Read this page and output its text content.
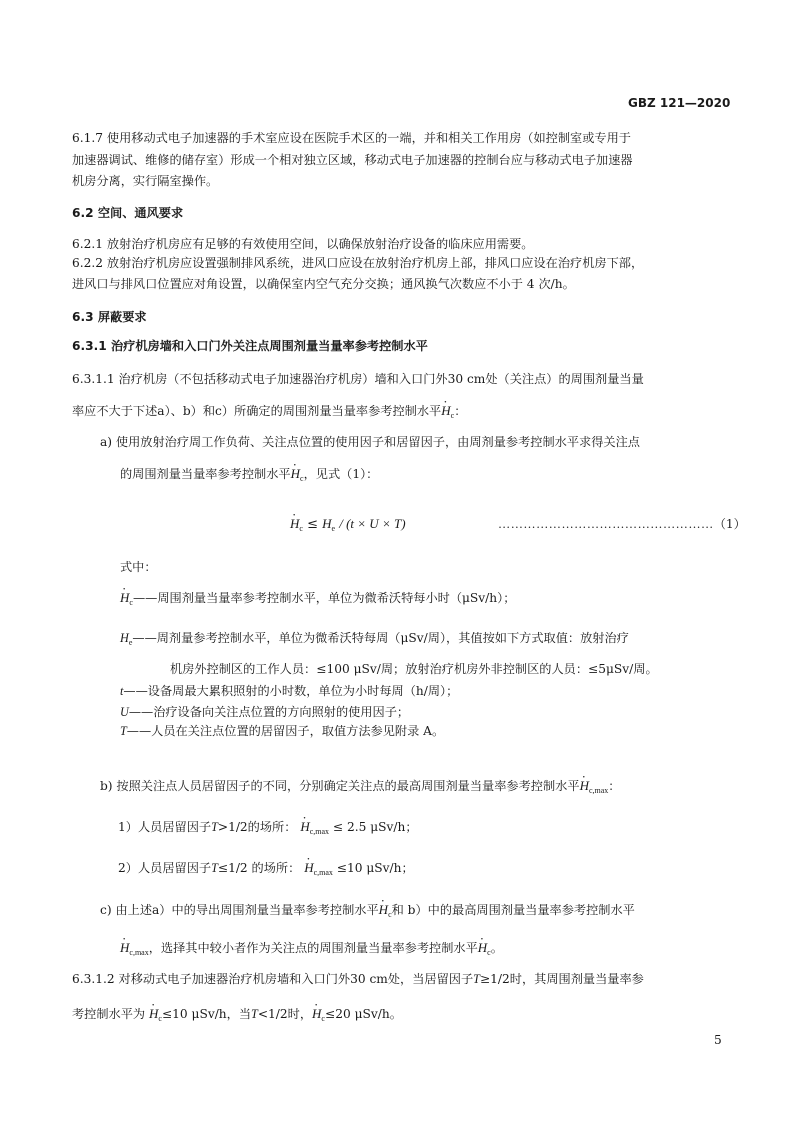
GBZ 121—2020
6.1.7 使用移动式电子加速器的手术室应设在医院手术区的一端，并和相关工作用房（如控制室或专用于
加速器调试、维修的储存室）形成一个相对独立区域，移动式电子加速器的控制台应与移动式电子加速器
机房分离，实行隔室操作。
6.2 空间、通风要求
6.2.1 放射治疗机房应有足够的有效使用空间，以确保放射治疗设备的临床应用需要。
6.2.2 放射治疗机房应设置强制排风系统，进风口应设在放射治疗机房上部，排风口应设在治疗机房下部，
进风口与排风口位置应对角设置，以确保室内空气充分交换；通风换气次数应不小于 4 次/h。
6.3 屏蔽要求
6.3.1 治疗机房墙和入口门外关注点周围剂量当量率参考控制水平
6.3.1.1 治疗机房（不包括移动式电子加速器治疗机房）墙和入口门外30 cm处（关注点）的周围剂量当量
率应不大于下述a）、b）和c）所确定的周围剂量当量率参考控制水平· $H_c$：
a) 使用放射治疗周工作负荷、关注点位置的使用因子和居留因子，由周剂量参考控制水平求得关注点
的周围剂量当量率参考控制水平· $H_c$，见式（1）：
· $H_c \le H_e / (t \times U \times T)$	……………………………………………（1）
式中：
· $H_c——$周围剂量当量率参考控制水平，单位为微希沃特每小时（μSv/h）；
$H_e——$周剂量参考控制水平，单位为微希沃特每周（μSv/周），其值按如下方式取值：放射治疗
机房外控制区的工作人员：≤100 μSv/周；放射治疗机房外非控制区的人员：≤5μSv/周。
t——设备周最大累积照射的小时数，单位为小时每周（h/周）；
U——治疗设备向关注点位置的方向照射的使用因子；
T——人员在关注点位置的居留因子，取值方法参见附录 A。
b) 按照关注点人员居留因子的不同，分别确定关注点的最高周围剂量当量率参考控制水平· $H_{c,max}$：
1）人员居留因子T>1/2的场所： · $H_{c,max} \le 2.5$ μSv/h；
2）人员居留因子T≤1/2 的场所： · $H_{c,max} \le 10$ μSv/h；
c) 由上述a）中的导出周围剂量当量率参考控制水平· $H_c$和 b）中的最高周围剂量当量率参考控制水平
· $H_{c,max}$，选择其中较小者作为关注点的周围剂量当量率参考控制水平· $H_c$。
6.3.1.2 对移动式电子加速器治疗机房墙和入口门外30 cm处，当居留因子T≥1/2时，其周围剂量当量率参
考控制水平为 · $H_c\le 10$ μSv/h，当T<1/2时，· $H_c\le 20$ μSv/h。
5
